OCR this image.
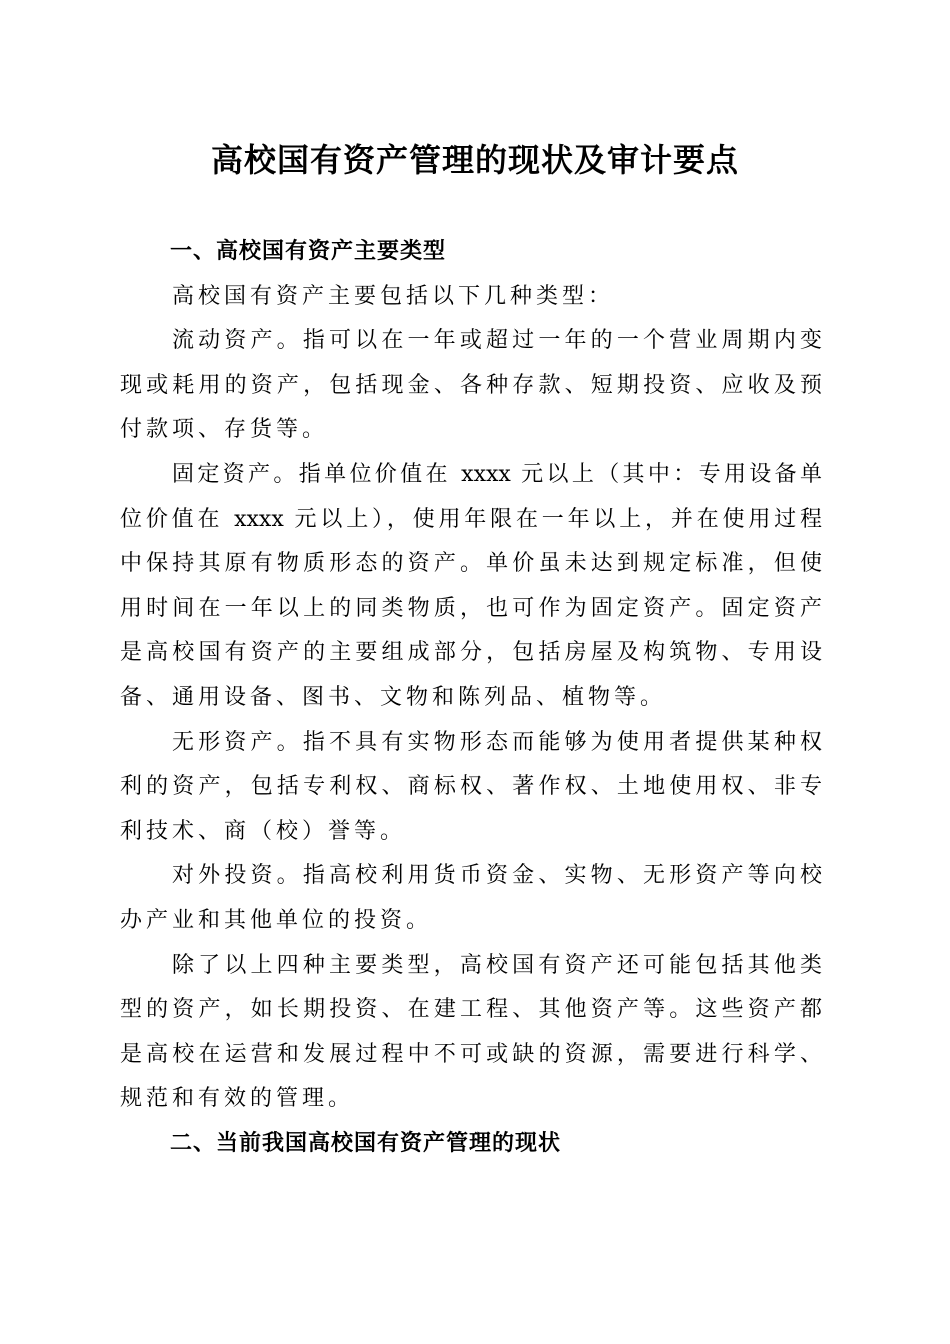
高校国有资产管理的现状及审计要点
一、高校国有资产主要类型
高校国有资产主要包括以下几种类型：
流动资产。指可以在一年或超过一年的一个营业周期内变
现或耗用的资产，包括现金、各种存款、短期投资、应收及预
付款项、存货等。
固定资产。指单位价值在 xxxx 元以上（其中：专用设备单
位价值在 xxxx 元以上），使用年限在一年以上，并在使用过程
中保持其原有物质形态的资产。单价虽未达到规定标准，但使
用时间在一年以上的同类物质，也可作为固定资产。固定资产
是高校国有资产的主要组成部分，包括房屋及构筑物、专用设
备、通用设备、图书、文物和陈列品、植物等。
无形资产。指不具有实物形态而能够为使用者提供某种权
利的资产，包括专利权、商标权、著作权、土地使用权、非专
利技术、商（校）誉等。
对外投资。指高校利用货币资金、实物、无形资产等向校
办产业和其他单位的投资。
除了以上四种主要类型，高校国有资产还可能包括其他类
型的资产，如长期投资、在建工程、其他资产等。这些资产都
是高校在运营和发展过程中不可或缺的资源，需要进行科学、
规范和有效的管理。
二、当前我国高校国有资产管理的现状
